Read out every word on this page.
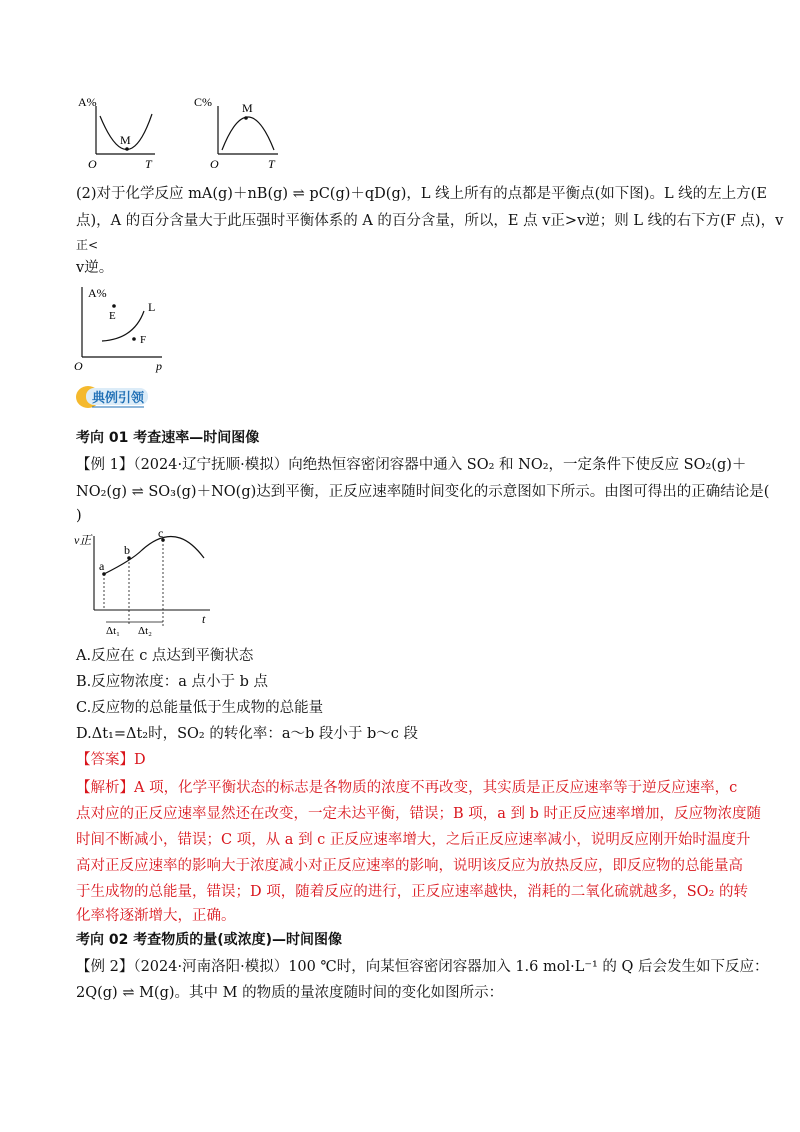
A%
M
O	T
C%	M
O	T
(2)对于化学反应 mA(g)＋nB(g) ⇌ pC(g)＋qD(g)，L 线上所有的点都是平衡点(如下图)。L 线的左上方(E
点)，A 的百分含量大于此压强时平衡体系的 A 的百分含量，所以，E 点 v正>v逆；则 L 线的右下方(F 点)，v
正<
v逆。
A%
L
E
F
O	p
典例引领
考向 01 考查速率—时间图像
【例 1】（2024·辽宁抚顺·模拟）向绝热恒容密闭容器中通入 SO₂ 和 NO₂，一定条件下使反应 SO₂(g)＋
NO₂(g) ⇌ SO₃(g)＋NO(g)达到平衡，正反应速率随时间变化的示意图如下所示。由图可得出的正确结论是(
)
v正
t
a
b
c
Δt₁ Δt₂
A.反应在 c 点达到平衡状态
B.反应物浓度：a 点小于 b 点
C.反应物的总能量低于生成物的总能量
D.Δt₁=Δt₂时，SO₂ 的转化率：a～b 段小于 b～c 段
【答案】D
【解析】A 项，化学平衡状态的标志是各物质的浓度不再改变，其实质是正反应速率等于逆反应速率，c
点对应的正反应速率显然还在改变，一定未达平衡，错误；B 项，a 到 b 时正反应速率增加，反应物浓度随
时间不断减小，错误；C 项，从 a 到 c 正反应速率增大，之后正反应速率减小，说明反应刚开始时温度升
高对正反应速率的影响大于浓度减小对正反应速率的影响，说明该反应为放热反应，即反应物的总能量高
于生成物的总能量，错误；D 项，随着反应的进行，正反应速率越快，消耗的二氧化硫就越多，SO₂ 的转
化率将逐渐增大，正确。
考向 02 考查物质的量(或浓度)—时间图像
【例 2】（2024·河南洛阳·模拟）100 ℃时，向某恒容密闭容器加入 1.6 mol·L⁻¹ 的 Q 后会发生如下反应：
2Q(g) ⇌ M(g)。其中 M 的物质的量浓度随时间的变化如图所示：
